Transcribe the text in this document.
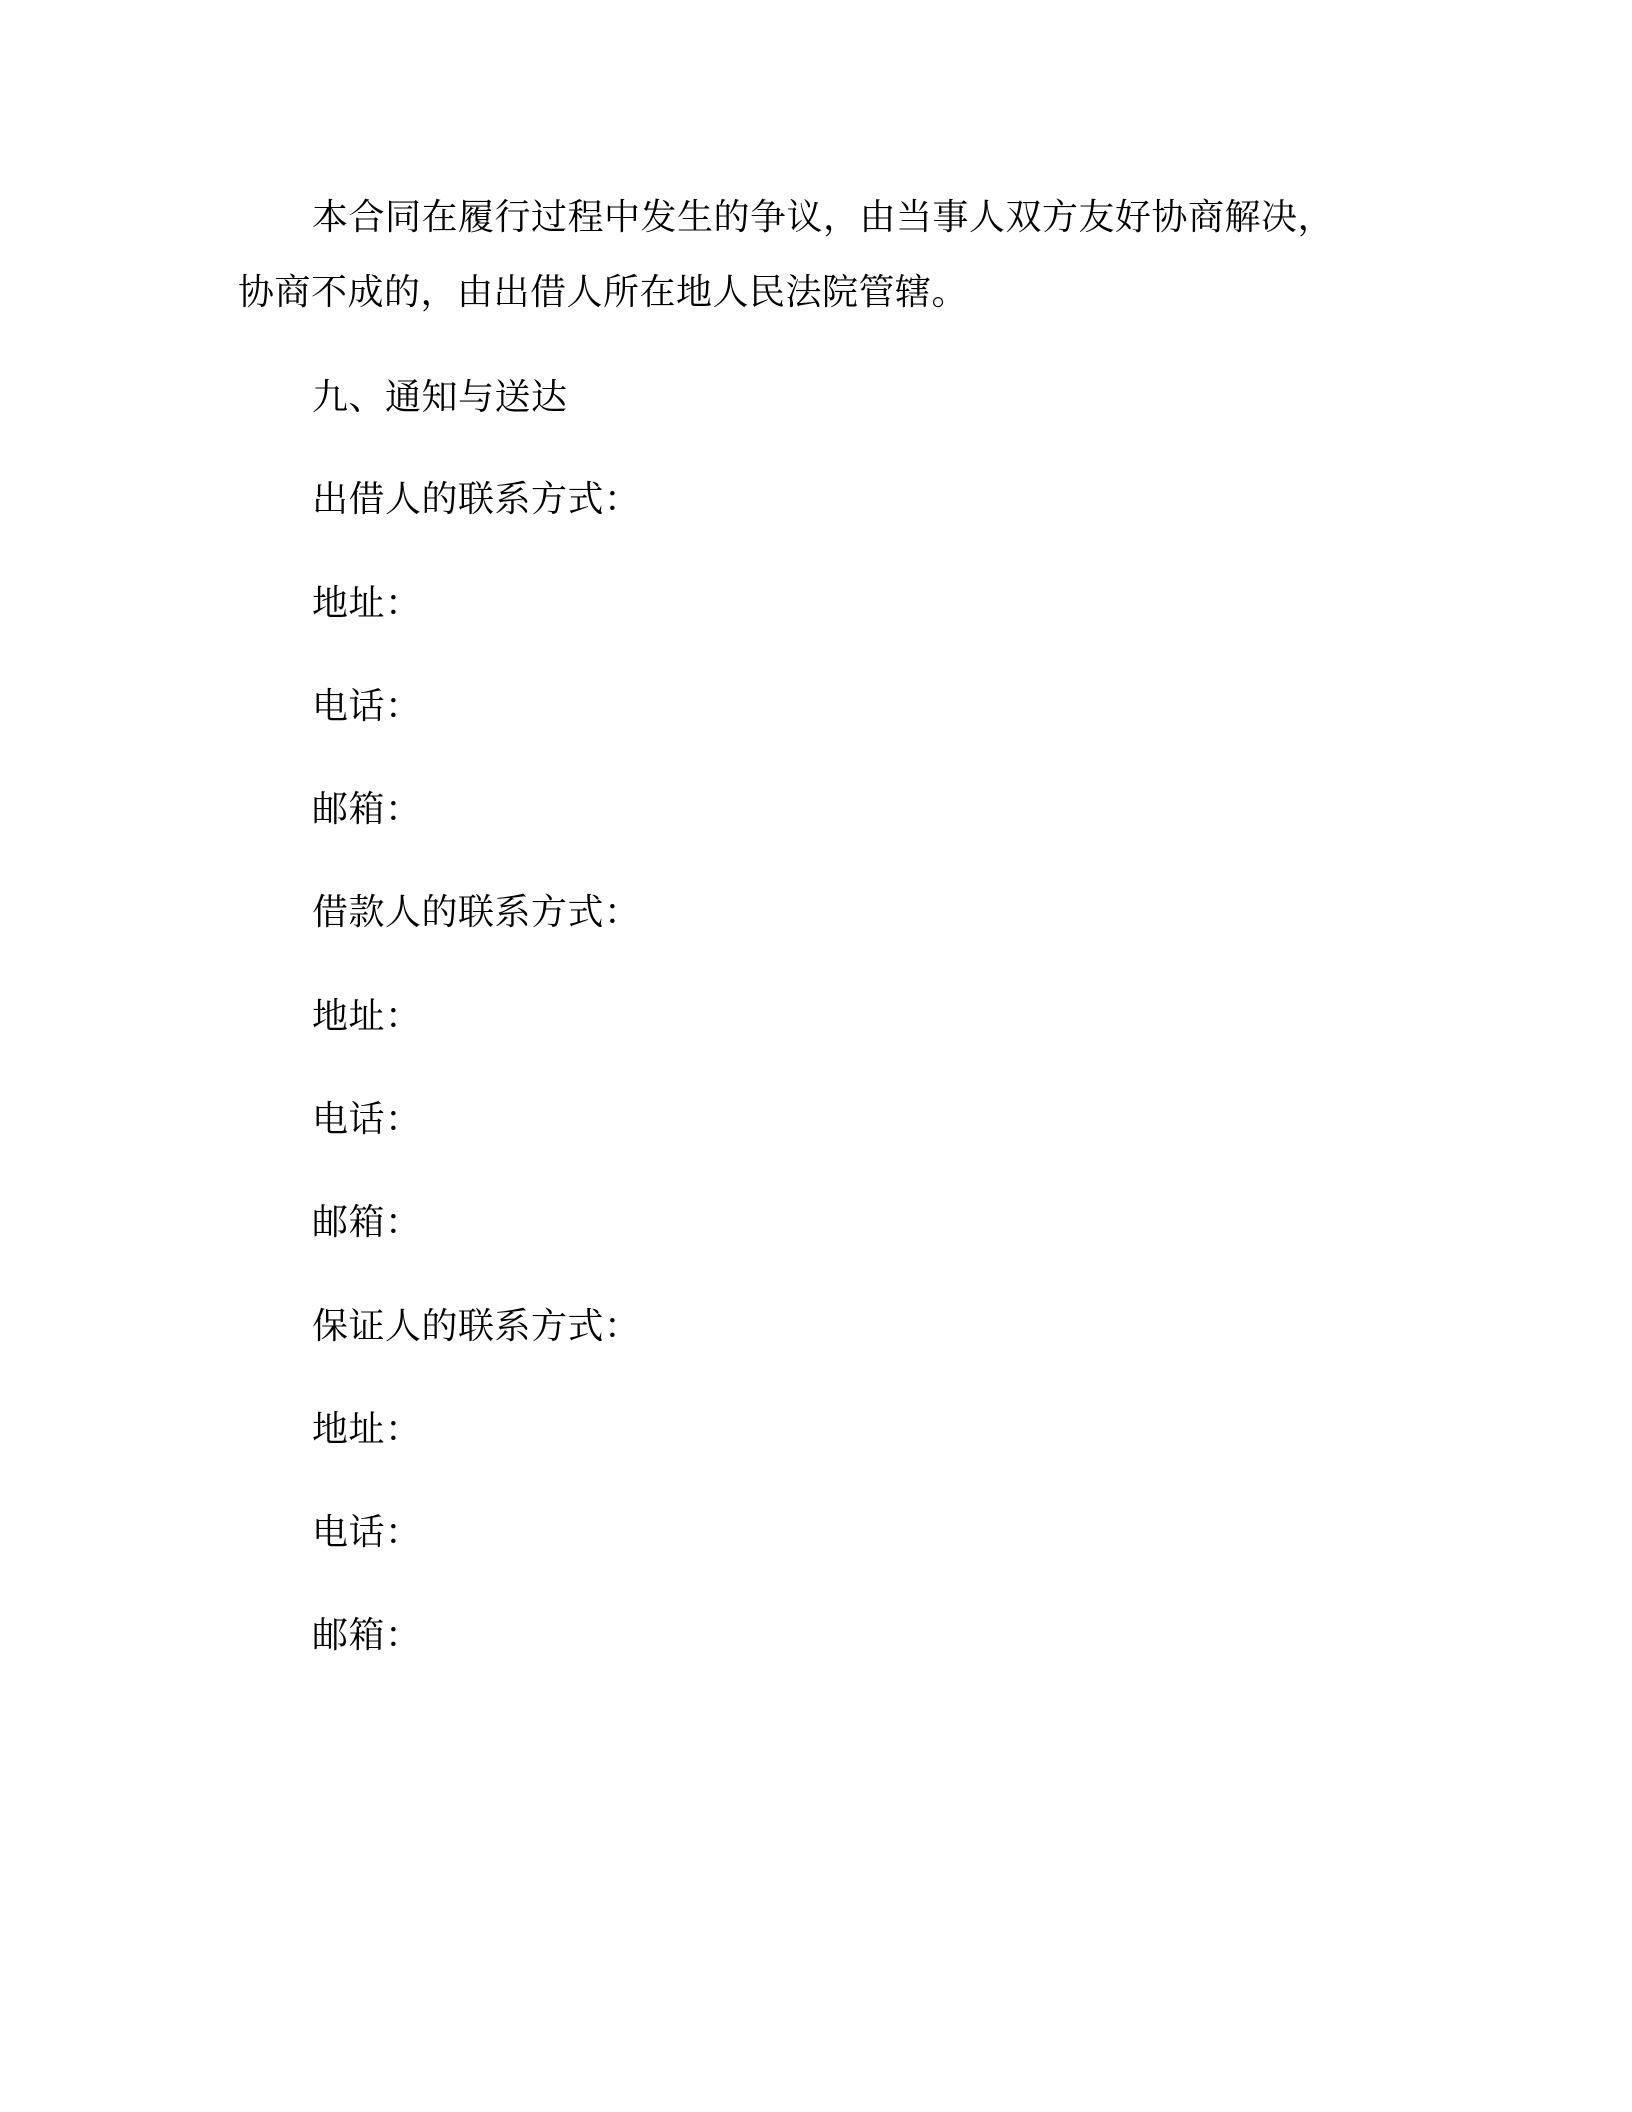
本合同在履行过程中发生的争议，由当事人双方友好协商解决，
协商不成的，由出借人所在地人民法院管辖。
九、通知与送达
出借人的联系方式：
地址：
电话：
邮箱：
借款人的联系方式：
地址：
电话：
邮箱：
保证人的联系方式：
地址：
电话：
邮箱：
